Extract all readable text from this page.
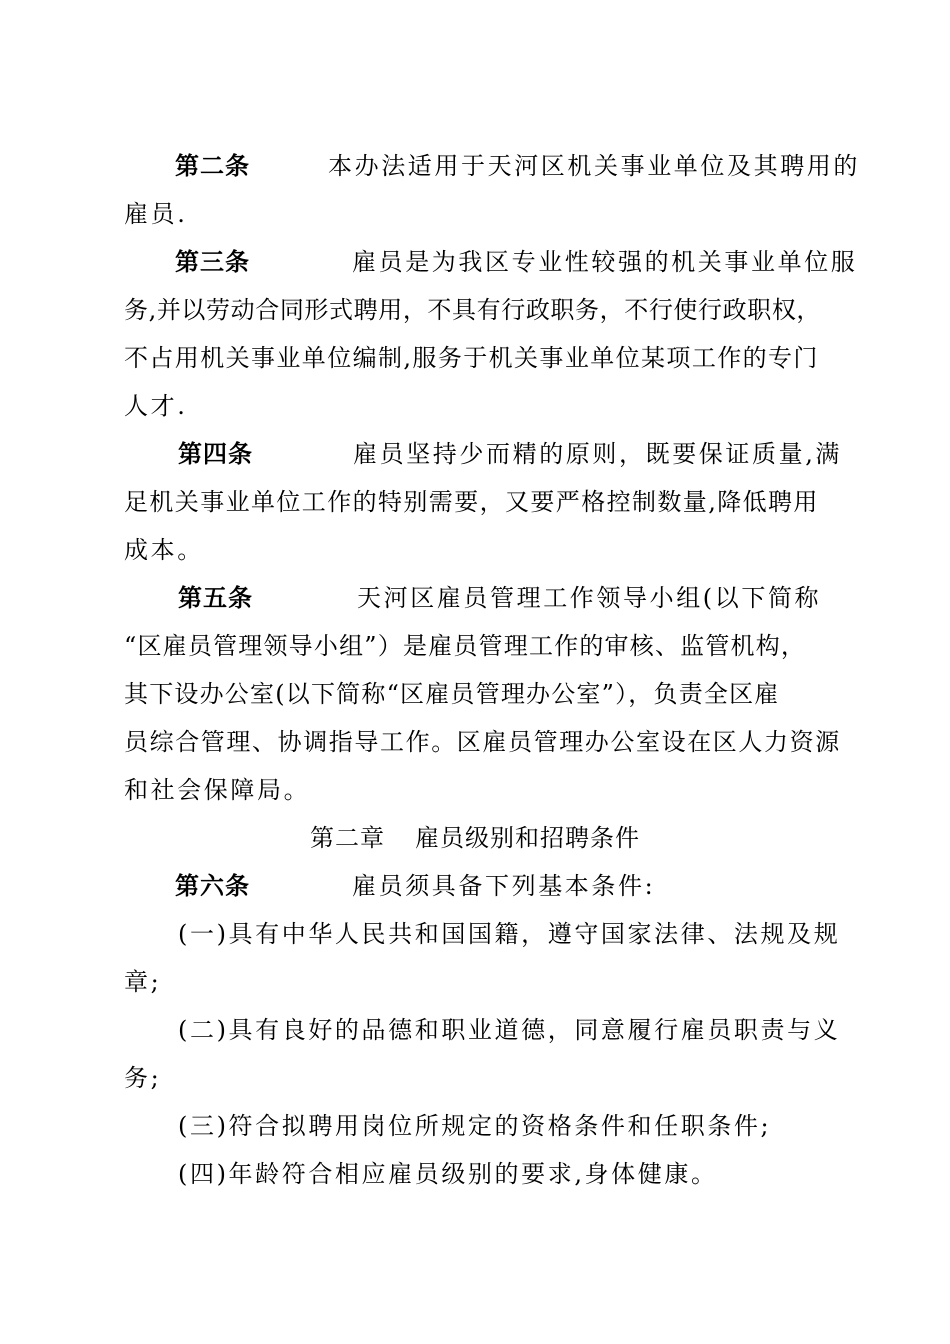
第二条	本办法适用于天河区机关事业单位及其聘用的
雇员.
第三条	雇员是为我区专业性较强的机关事业单位服
务,并以劳动合同形式聘用，不具有行政职务，不行使行政职权，
不占用机关事业单位编制,服务于机关事业单位某项工作的专门
人才.
第四条	雇员坚持少而精的原则，既要保证质量,满
足机关事业单位工作的特别需要，又要严格控制数量,降低聘用
成本。
第五条	天河区雇员管理工作领导小组(以下简称
“区雇员管理领导小组”）是雇员管理工作的审核、监管机构，
其下设办公室(以下简称“区雇员管理办公室”），负责全区雇
员综合管理、协调指导工作。区雇员管理办公室设在区人力资源
和社会保障局。
第二章 雇员级别和招聘条件
第六条	雇员须具备下列基本条件:
(一)具有中华人民共和国国籍，遵守国家法律、法规及规
章;
(二)具有良好的品德和职业道德，同意履行雇员职责与义
务;
(三)符合拟聘用岗位所规定的资格条件和任职条件;
(四)年龄符合相应雇员级别的要求,身体健康。
